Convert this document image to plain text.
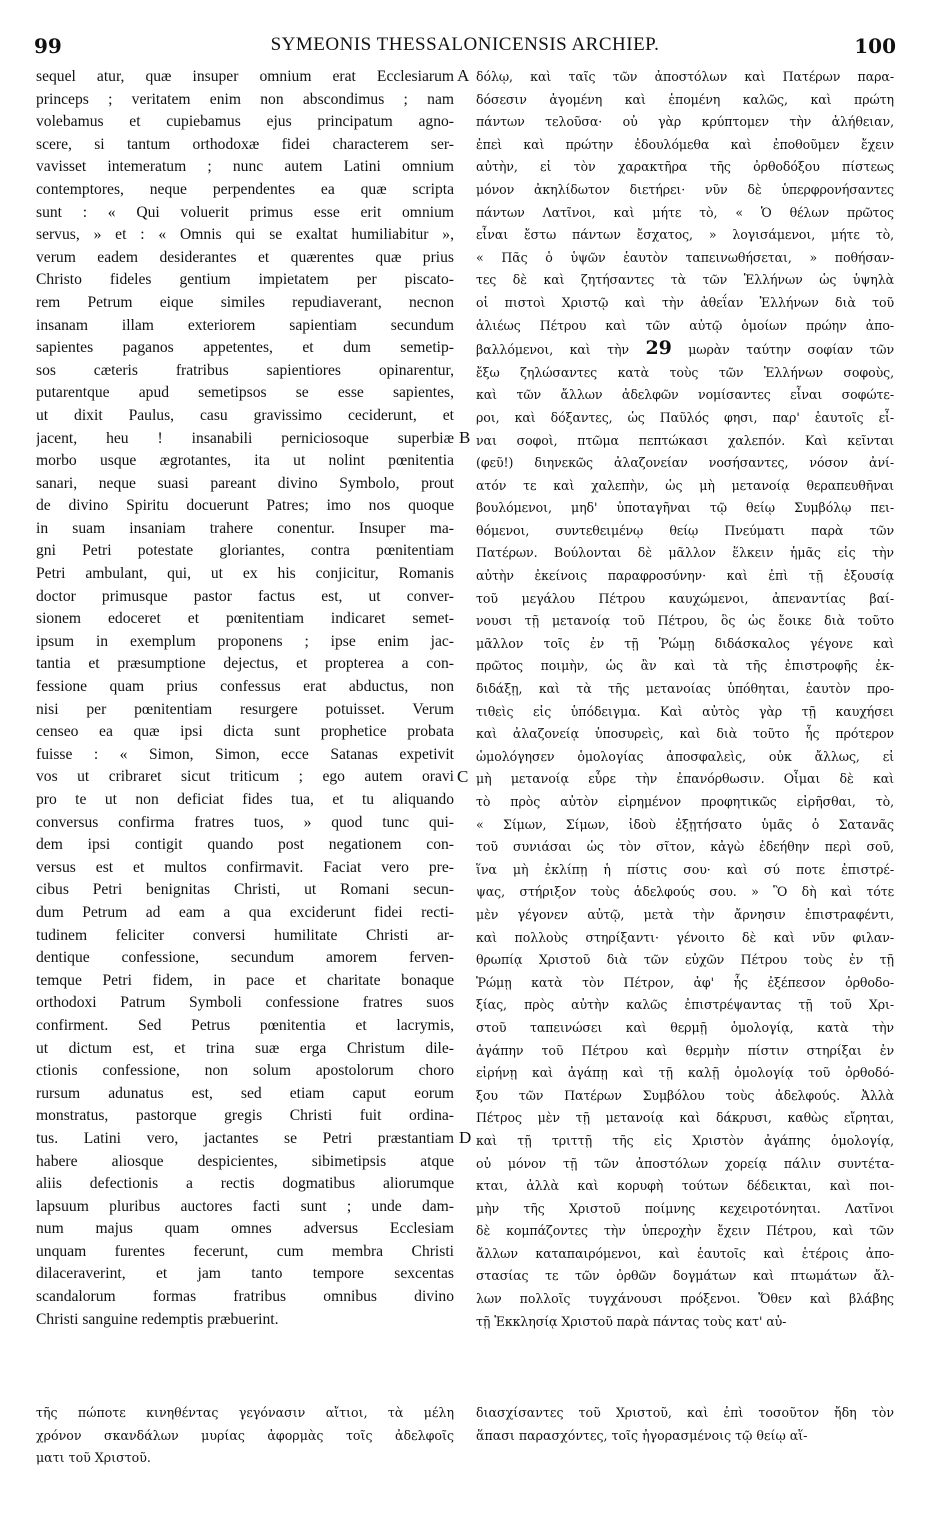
99	SYMEONIS THESSALONICENSIS ARCHIEP.	100
sequel atur, quæ insuper omnium erat Ecclesiarum
princeps ; veritatem enim non abscondimus ; nam
volebamus et cupiebamus ejus principatum agno-
scere, si tantum orthodoxæ fidei characterem ser-
vavisset intemeratum ; nunc autem Latini omnium
contemptores, neque perpendentes ea quæ scripta
sunt : « Qui voluerit primus esse erit omnium
servus, » et : « Omnis qui se exaltat humiliabitur »,
verum eadem desiderantes et quærentes quæ prius
Christo fideles gentium impietatem per piscato-
rem Petrum eique similes repudiaverant, necnon
insanam illam exteriorem sapientiam secundum
sapientes paganos appetentes, et dum semetip-
sos cæteris fratribus sapientiores opinarentur,
putarentque apud semetipsos se esse sapientes,
ut dixit Paulus, casu gravissimo ceciderunt, et
jacent, heu ! insanabili perniciosoque superbiæ
morbo usque ægrotantes, ita ut nolint pœnitentia
sanari, neque suasi pareant divino Symbolo, prout
de divino Spiritu docuerunt Patres; imo nos quoque
in suam insaniam trahere conentur. Insuper ma-
gni Petri potestate gloriantes, contra pœnitentiam
Petri ambulant, qui, ut ex his conjicitur, Romanis
doctor primusque pastor factus est, ut conver-
sionem edoceret et pœnitentiam indicaret semet-
ipsum in exemplum proponens ; ipse enim jac-
tantia et præsumptione dejectus, et propterea a con-
fessione quam prius confessus erat abductus, non
nisi per pœnitentiam resurgere potuisset. Verum
censeo ea quæ ipsi dicta sunt prophetice probata
fuisse : « Simon, Simon, ecce Satanas expetivit
vos ut cribraret sicut triticum ; ego autem oravi
pro te ut non deficiat fides tua, et tu aliquando
conversus confirma fratres tuos, » quod tunc qui-
dem ipsi contigit quando post negationem con-
versus est et multos confirmavit. Faciat vero pre-
cibus Petri benignitas Christi, ut Romani secun-
dum Petrum ad eam a qua exciderunt fidei recti-
tudinem feliciter conversi humilitate Christi ar-
dentique confessione, secundum amorem ferven-
temque Petri fidem, in pace et charitate bonaque
orthodoxi Patrum Symboli confessione fratres suos
confirment. Sed Petrus pœnitentia et lacrymis,
ut dictum est, et trina suæ erga Christum dile-
ctionis confessione, non solum apostolorum choro
rursum adunatus est, sed etiam caput eorum
monstratus, pastorque gregis Christi fuit ordina-
tus. Latini vero, jactantes se Petri præstantiam
habere aliosque despicientes, sibimetipsis atque
aliis defectionis a rectis dogmatibus aliorumque
lapsuum pluribus auctores facti sunt ; unde dam-
num majus quam omnes adversus Ecclesiam
unquam furentes fecerunt, cum membra Christi
dilaceraverint, et jam tanto tempore sexcentas
scandalorum formas fratribus omnibus divino
Christi sanguine redemptis præbuerint.
δόλῳ, καὶ ταῖς τῶν ἀποστόλων καὶ Πατέρων παρα-
δόσεσιν ἀγομένη καὶ ἑπομένη καλῶς, καὶ πρώτη
πάντων τελοῦσα· οὐ γὰρ κρύπτομεν τὴν ἀλήθειαν,
ἐπεὶ καὶ πρώτην ἐδουλόμεθα καὶ ἐποθοῦμεν ἔχειν
αὐτὴν, εἰ τὸν χαρακτῆρα τῆς ὀρθοδόξου πίστεως
μόνον ἀκηλίδωτον διετήρει· νῦν δὲ ὑπερφρονήσαντες
πάντων Λατῖνοι, καὶ μήτε τὸ, « Ὁ θέλων πρῶτος
εἶναι ἔστω πάντων ἔσχατος, » λογισάμενοι, μήτε τὸ,
« Πᾶς ὁ ὑψῶν ἑαυτὸν ταπεινωθήσεται, » ποθήσαν-
τες δὲ καὶ ζητήσαντες τὰ τῶν Ἑλλήνων ὡς ὑψηλὰ
οἱ πιστοὶ Χριστῷ καὶ τὴν ἀθεΐαν Ἑλλήνων διὰ τοῦ
ἁλιέως Πέτρου καὶ τῶν αὐτῷ ὁμοίων πρώην ἀπο-
βαλλόμενοι, καὶ τὴν 29 μωρὰν ταύτην σοφίαν τῶν
ἔξω ζηλώσαντες κατὰ τοὺς τῶν Ἑλλήνων σοφοὺς,
καὶ τῶν ἄλλων ἀδελφῶν νομίσαντες εἶναι σοφώτε-
ροι, καὶ δόξαντες, ὡς Παῦλός φησι, παρ' ἑαυτοῖς εἶ-
ναι σοφοὶ, πτῶμα πεπτώκασι χαλεπόν. Καὶ κεῖνται
(φεῦ!) διηνεκῶς ἀλαζονείαν νοσήσαντες, νόσον ἀνί-
ατόν τε καὶ χαλεπὴν, ὡς μὴ μετανοίᾳ θεραπευθῆναι
βουλόμενοι, μηδ' ὑποταγῆναι τῷ θείῳ Συμβόλῳ πει-
θόμενοι, συντεθειμένῳ θείῳ Πνεύματι παρὰ τῶν
Πατέρων. Βούλονται δὲ μᾶλλον ἕλκειν ἡμᾶς εἰς τὴν
αὐτὴν ἐκείνοις παραφροσύνην· καὶ ἐπὶ τῇ ἐξουσίᾳ
τοῦ μεγάλου Πέτρου καυχώμενοι, ἀπεναντίας βαί-
νουσι τῇ μετανοίᾳ τοῦ Πέτρου, ὃς ὡς ἔοικε διὰ τοῦτο
μᾶλλον τοῖς ἐν τῇ Ῥώμῃ διδάσκαλος γέγονε καὶ
πρῶτος ποιμὴν, ὡς ἂν καὶ τὰ τῆς ἐπιστροφῆς ἐκ-
διδάξῃ, καὶ τὰ τῆς μετανοίας ὑπόθηται, ἑαυτὸν προ-
τιθεὶς εἰς ὑπόδειγμα. Καὶ αὐτὸς γὰρ τῇ καυχήσει
καὶ ἀλαζονείᾳ ὑποσυρεὶς, καὶ διὰ τοῦτο ἧς πρότερον
ὡμολόγησεν ὁμολογίας ἀποσφαλεὶς, οὐκ ἄλλως, εἰ
μὴ μετανοίᾳ εὗρε τὴν ἐπανόρθωσιν. Οἶμαι δὲ καὶ
τὸ πρὸς αὐτὸν εἰρημένον προφητικῶς εἰρῆσθαι, τὸ,
« Σίμων, Σίμων, ἰδοὺ ἐξῃτήσατο ὑμᾶς ὁ Σατανᾶς
τοῦ συνιάσαι ὡς τὸν σῖτον, κἀγὼ ἐδεήθην περὶ σοῦ,
ἵνα μὴ ἐκλίπῃ ἡ πίστις σου· καὶ σύ ποτε ἐπιστρέ-
ψας, στήριξον τοὺς ἀδελφούς σου. » Ὃ δὴ καὶ τότε
μὲν γέγονεν αὐτῷ, μετὰ τὴν ἄρνησιν ἐπιστραφέντι,
καὶ πολλοὺς στηρίξαντι· γένοιτο δὲ καὶ νῦν φιλαν-
θρωπίᾳ Χριστοῦ διὰ τῶν εὐχῶν Πέτρου τοὺς ἐν τῇ
Ῥώμῃ κατὰ τὸν Πέτρον, ἀφ' ἧς ἐξέπεσον ὀρθοδο-
ξίας, πρὸς αὐτὴν καλῶς ἐπιστρέψαντας τῇ τοῦ Χρι-
στοῦ ταπεινώσει καὶ θερμῇ ὁμολογίᾳ, κατὰ τὴν
ἀγάπην τοῦ Πέτρου καὶ θερμὴν πίστιν στηρίξαι ἐν
εἰρήνῃ καὶ ἀγάπῃ καὶ τῇ καλῇ ὁμολογίᾳ τοῦ ὀρθοδό-
ξου τῶν Πατέρων Συμβόλου τοὺς ἀδελφούς. Ἀλλὰ
Πέτρος μὲν τῇ μετανοίᾳ καὶ δάκρυσι, καθὼς εἴρηται,
καὶ τῇ τριττῇ τῆς εἰς Χριστὸν ἀγάπης ὁμολογίᾳ,
οὐ μόνον τῇ τῶν ἀποστόλων χορείᾳ πάλιν συντέτα-
κται, ἀλλὰ καὶ κορυφὴ τούτων δέδεικται, καὶ ποι-
μὴν τῆς Χριστοῦ ποίμνης κεχειροτόνηται. Λατῖνοι
δὲ κομπάζοντες τὴν ὑπεροχὴν ἔχειν Πέτρου, καὶ τῶν
ἄλλων καταπαιρόμενοι, καὶ ἑαυτοῖς καὶ ἑτέροις ἀπο-
στασίας τε τῶν ὀρθῶν δογμάτων καὶ πτωμάτων ἄλ-
λων πολλοῖς τυγχάνουσι πρόξενοι. Ὅθεν καὶ βλάβης
τῇ Ἐκκλησίᾳ Χριστοῦ παρὰ πάντας τοὺς κατ' αὐ-
A
B
C
D
τῆς πώποτε κινηθέντας γεγόνασιν αἴτιοι, τὰ μέλη
χρόνον σκανδάλων μυρίας ἀφορμὰς τοῖς ἀδελφοῖς
ματι τοῦ Χριστοῦ.
διασχίσαντες τοῦ Χριστοῦ, καὶ ἐπὶ τοσοῦτον ἤδη τὸν
ἅπασι παρασχόντες, τοῖς ἠγορασμένοις τῷ θείῳ αἵ-
